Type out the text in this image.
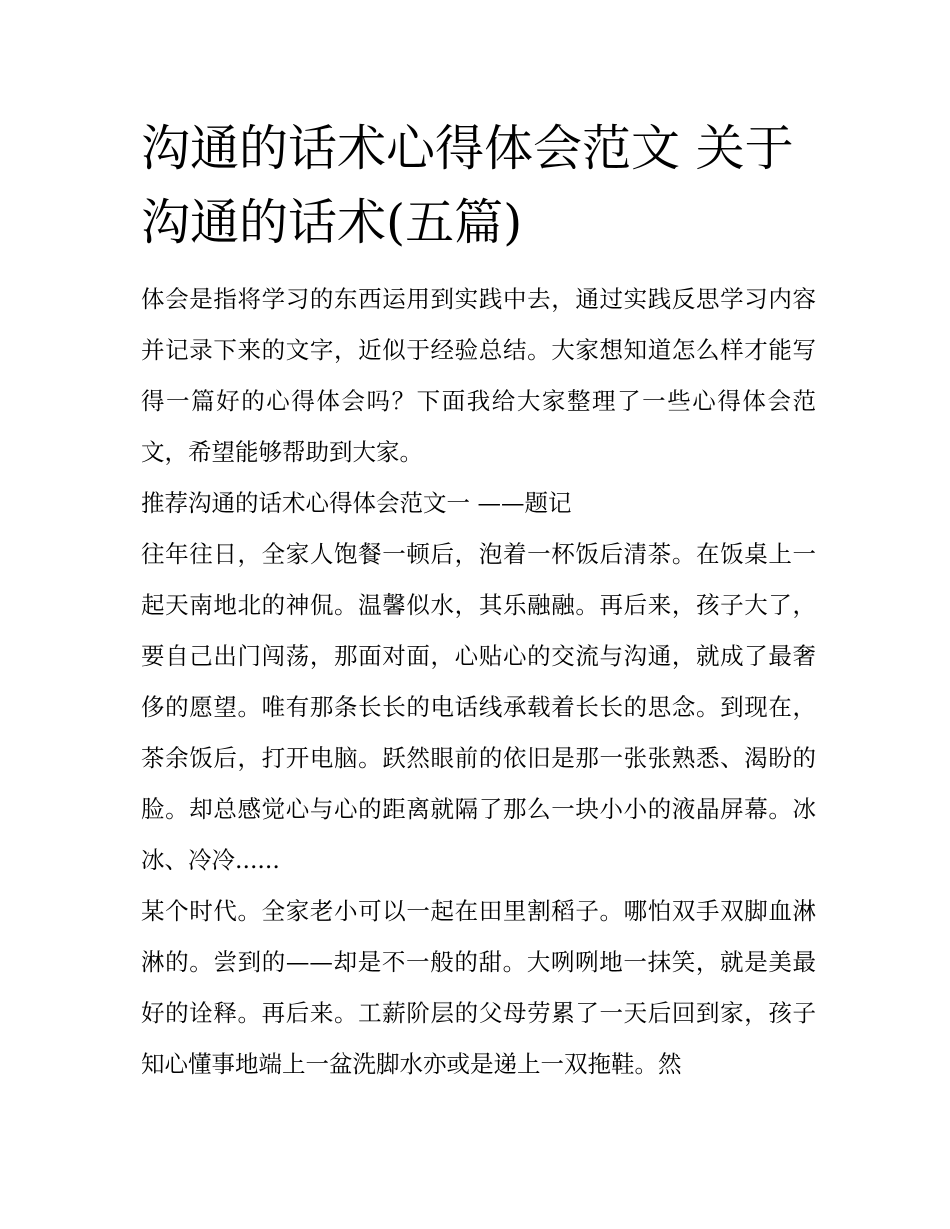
沟通的话术心得体会范文 关于沟通的话术(五篇)

体会是指将学习的东西运用到实践中去，通过实践反思学习内容并记录下来的文字，近似于经验总结。大家想知道怎么样才能写得一篇好的心得体会吗？下面我给大家整理了一些心得体会范文，希望能够帮助到大家。

推荐沟通的话术心得体会范文一 ——题记

往年往日，全家人饱餐一顿后，泡着一杯饭后清茶。在饭桌上一起天南地北的神侃。温馨似水，其乐融融。再后来，孩子大了，要自己出门闯荡，那面对面，心贴心的交流与沟通，就成了最奢侈的愿望。唯有那条长长的电话线承载着长长的思念。到现在，茶余饭后，打开电脑。跃然眼前的依旧是那一张张熟悉、渴盼的脸。却总感觉心与心的距离就隔了那么一块小小的液晶屏幕。冰冰、冷冷......

某个时代。全家老小可以一起在田里割稻子。哪怕双手双脚血淋淋的。尝到的——却是不一般的甜。大咧咧地一抹笑，就是美最好的诠释。再后来。工薪阶层的父母劳累了一天后回到家，孩子知心懂事地端上一盆洗脚水亦或是递上一双拖鞋。然
